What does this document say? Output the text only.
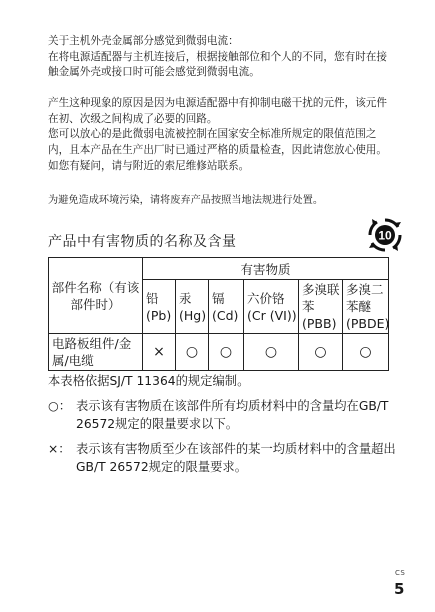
关于主机外壳金属部分感觉到微弱电流：

在将电源适配器与主机连接后，根据接触部位和个人的不同，您有时在接触金属外壳或接口时可能会感觉到微弱电流。

产生这种现象的原因是因为电源适配器中有抑制电磁干扰的元件，该元件在初、次级之间构成了必要的回路。

您可以放心的是此微弱电流被控制在国家安全标准所规定的限值范围之内，且本产品在生产出厂时已通过严格的质量检查，因此请您放心使用。

如您有疑问，请与附近的索尼维修站联系。

为避免造成环境污染，请将废弃产品按照当地法规进行处置。
产品中有害物质的名称及含量	10
部件名称（有该部件时）	有害物质					
	铅 (Pb)	汞 (Hg)	镉 (Cd)	六价铬 (Cr (VI))	多溴联苯 (PBB)	多溴二苯醚 (PBDE)
电路板组件/金属/电缆	×	○	○	○	○	○
本表格依据SJ/T 11364的规定编制。
○： 表示该有害物质在该部件所有均质材料中的含量均在GB/T 26572规定的限量要求以下。
×： 表示该有害物质至少在该部件的某一均质材料中的含量超出GB/T 26572规定的限量要求。
CS
5
